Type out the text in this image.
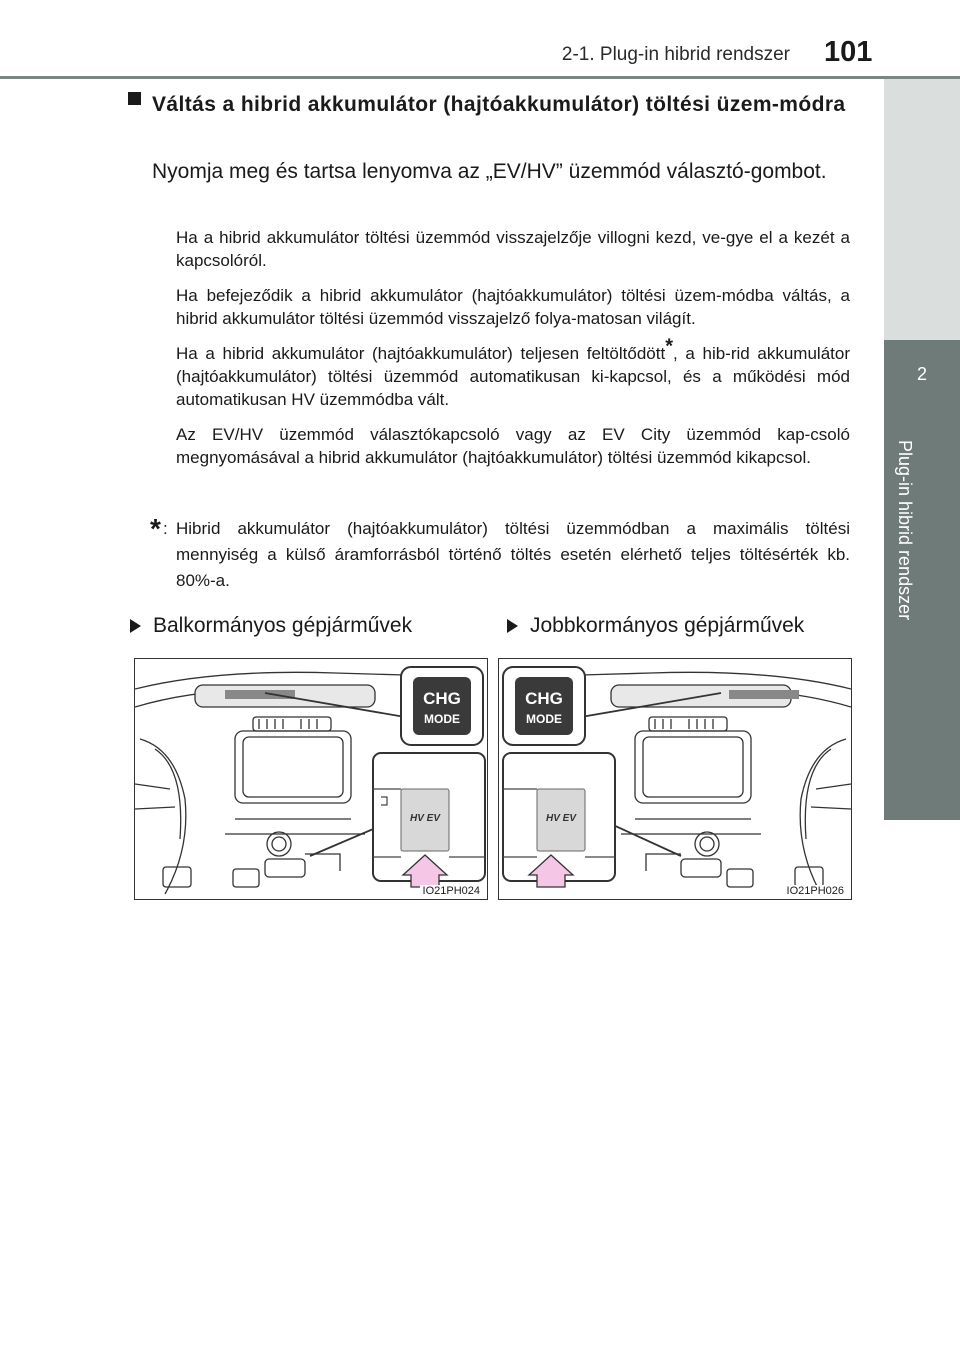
2-1. Plug-in hibrid rendszer 101
2
Plug-in hibrid rendszer
Váltás a hibrid akkumulátor (hajtóakkumulátor) töltési üzem-módra
Nyomja meg és tartsa lenyomva az „EV/HV” üzemmód választó-gombot.
Ha a hibrid akkumulátor töltési üzemmód visszajelzője villogni kezd, ve-gye el a kezét a kapcsolóról.
Ha befejeződik a hibrid akkumulátor (hajtóakkumulátor) töltési üzem-módba váltás, a hibrid akkumulátor töltési üzemmód visszajelző folya-matosan világít.
Ha a hibrid akkumulátor (hajtóakkumulátor) teljesen feltöltődött*, a hib-rid akkumulátor (hajtóakkumulátor) töltési üzemmód automatikusan ki-kapcsol, és a működési mód automatikusan HV üzemmódba vált.
Az EV/HV üzemmód választókapcsoló vagy az EV City üzemmód kap-csoló megnyomásával a hibrid akkumulátor (hajtóakkumulátor) töltési üzemmód kikapcsol.
* : Hibrid akkumulátor (hajtóakkumulátor) töltési üzemmódban a maximális töltési mennyiség a külső áramforrásból történő töltés esetén elérhető teljes töltésérték kb. 80%-a.
Balkormányos gépjárművek	Jobbkormányos gépjárművek
CHG
MODE
HV EV
IO21PH024
CHG
MODE
HV EV
IO21PH026
